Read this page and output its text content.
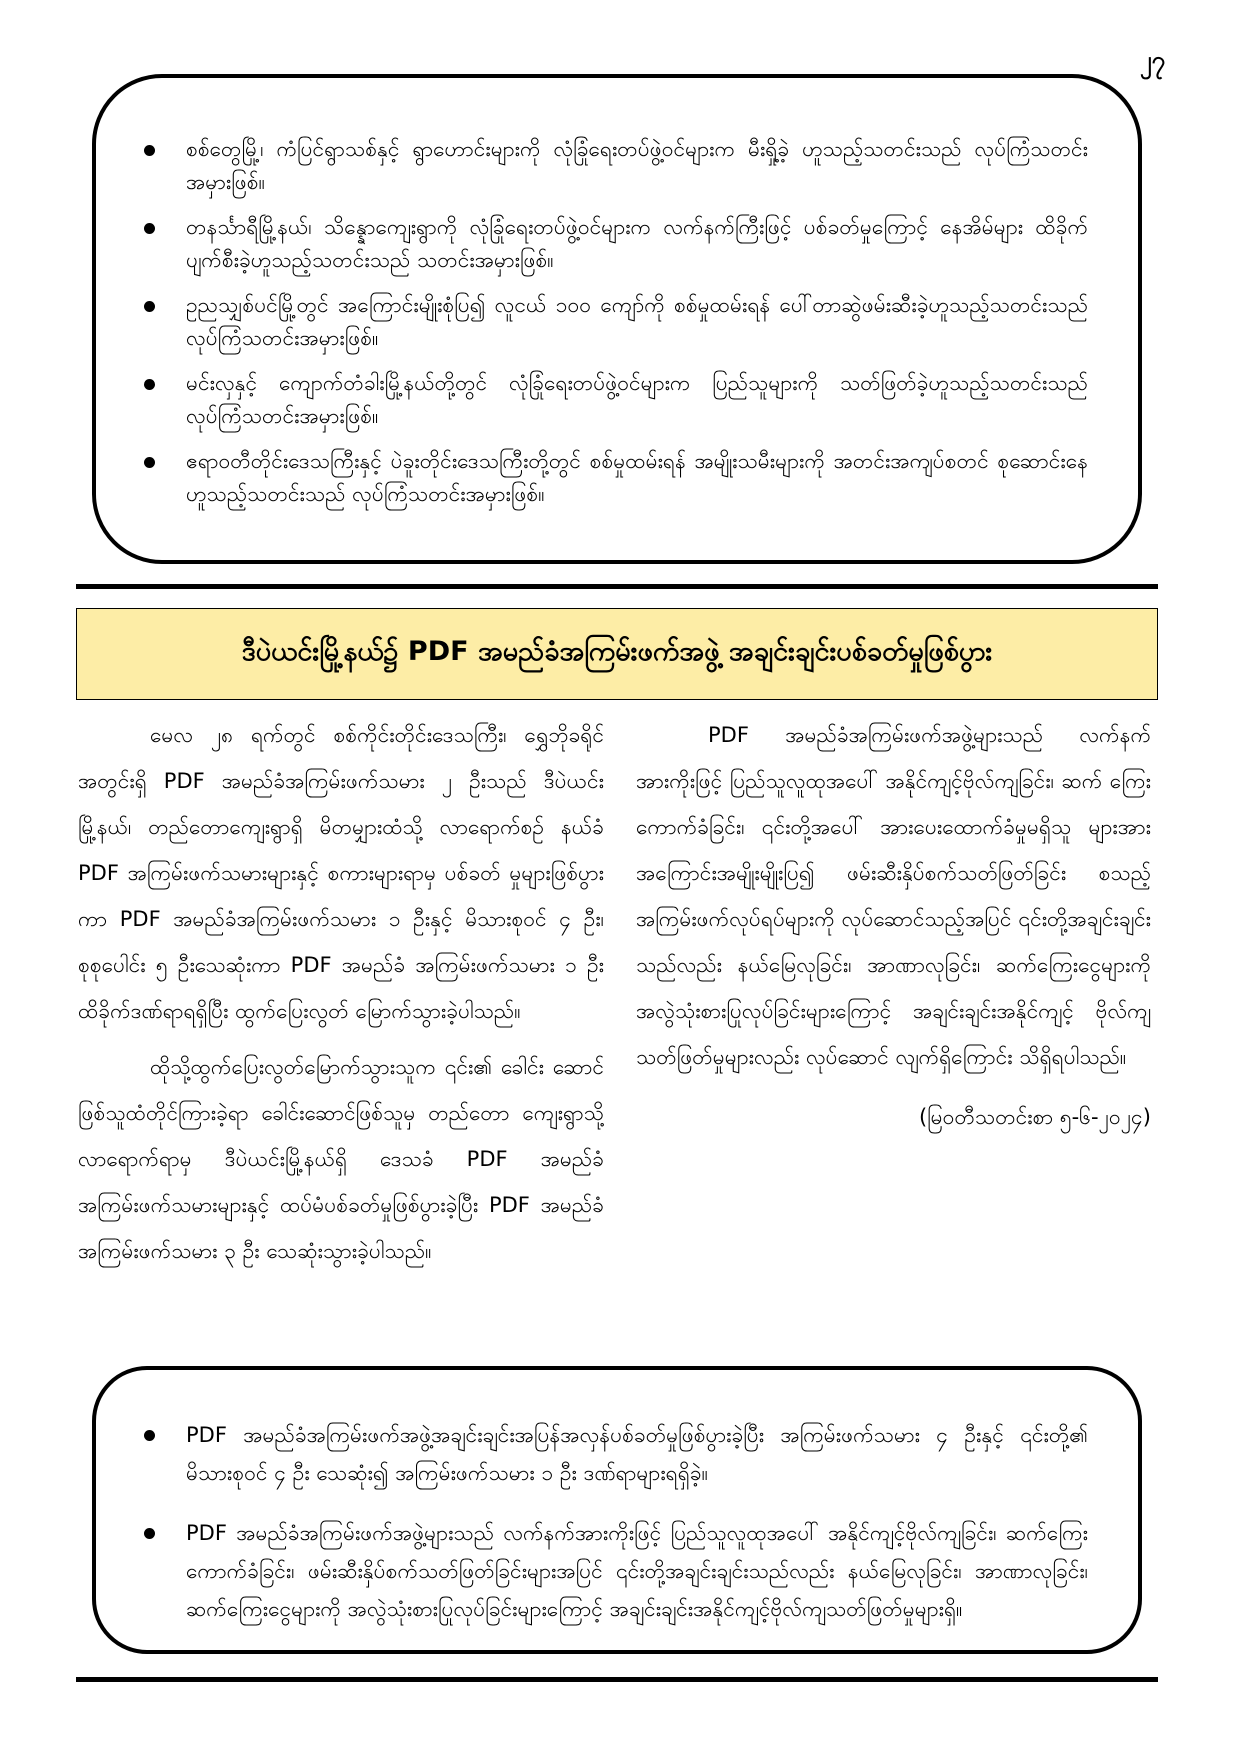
၂၇
စစ်တွေမြို့၊ ကံပြင်ရွာသစ်နှင့် ရွာဟောင်းများကို လုံခြုံရေးတပ်ဖွဲ့ဝင်များက မီးရှို့ခဲ့ ဟူသည့်သတင်းသည် လုပ်ကြံသတင်းအမှားဖြစ်။
တနင်္သာရီမြို့နယ်၊ သိန္နောကျေးရွာကို လုံခြုံရေးတပ်ဖွဲ့ဝင်များက လက်နက်ကြီးဖြင့် ပစ်ခတ်မှုကြောင့် နေအိမ်များ ထိခိုက်ပျက်စီးခဲ့ဟူသည့်သတင်းသည် သတင်းအမှားဖြစ်။
ဥညသျှစ်ပင်မြို့တွင် အကြောင်းမျိုးစုံပြ၍ လူငယ် ၁၀၀ ကျော်ကို စစ်မှုထမ်းရန် ပေါ်တာဆွဲဖမ်းဆီးခဲ့ဟူသည့်သတင်းသည် လုပ်ကြံသတင်းအမှားဖြစ်။
မင်းလှနှင့် ကျောက်တံခါးမြို့နယ်တို့တွင် လုံခြုံရေးတပ်ဖွဲ့ဝင်များက ပြည်သူများကို သတ်ဖြတ်ခဲ့ဟူသည့်သတင်းသည် လုပ်ကြံသတင်းအမှားဖြစ်။
ဧရာဝတီတိုင်းဒေသကြီးနှင့် ပဲခူးတိုင်းဒေသကြီးတို့တွင် စစ်မှုထမ်းရန် အမျိုးသမီးများကို အတင်းအကျပ်စတင် စုဆောင်းနေဟူသည့်သတင်းသည် လုပ်ကြံသတင်းအမှားဖြစ်။
ဒီပဲယင်းမြို့နယ်၌ PDF အမည်ခံအကြမ်းဖက်အဖွဲ့ အချင်းချင်းပစ်ခတ်မှုဖြစ်ပွား

မေလ ၂၈ ရက်တွင် စစ်ကိုင်းတိုင်းဒေသကြီး၊ ရွှေဘိုခရိုင် အတွင်းရှိ PDF အမည်ခံအကြမ်းဖက်သမား ၂ ဦးသည် ဒီပဲယင်း မြို့နယ်၊ တည်တောကျေးရွာရှိ မိတမျှားထံသို့ လာရောက်စဉ် နယ်ခံ PDF အကြမ်းဖက်သမားများနှင့် စကားများရာမှ ပစ်ခတ် မှုများဖြစ်ပွားကာ PDF အမည်ခံအကြမ်းဖက်သမား ၁ ဦးနှင့် မိသားစုဝင် ၄ ဦး၊ စုစုပေါင်း ၅ ဦးသေဆုံးကာ PDF အမည်ခံ အကြမ်းဖက်သမား ၁ ဦး ထိခိုက်ဒဏ်ရာရရှိပြီး ထွက်ပြေးလွတ် မြောက်သွားခဲ့ပါသည်။

ထိုသို့ထွက်ပြေးလွတ်မြောက်သွားသူက ၎င်း၏ ခေါင်း ဆောင်ဖြစ်သူထံတိုင်ကြားခဲ့ရာ ခေါင်းဆောင်ဖြစ်သူမှ တည်တော ကျေးရွာသို့ လာရောက်ရာမှ ဒီပဲယင်းမြို့နယ်ရှိ ဒေသခံ PDF အမည်ခံအကြမ်းဖက်သမားများနှင့် ထပ်မံပစ်ခတ်မှုဖြစ်ပွားခဲ့ပြီး PDF အမည်ခံအကြမ်းဖက်သမား ၃ ဦး သေဆုံးသွားခဲ့ပါသည်။

PDF အမည်ခံအကြမ်းဖက်အဖွဲ့များသည် လက်နက် အားကိုးဖြင့် ပြည်သူလူထုအပေါ် အနိုင်ကျင့်ဗိုလ်ကျခြင်း၊ ဆက် ကြေးကောက်ခံခြင်း၊ ၎င်းတို့အပေါ် အားပေးထောက်ခံမှုမရှိသူ များအား အကြောင်းအမျိုးမျိုးပြ၍ ဖမ်းဆီးနှိပ်စက်သတ်ဖြတ်ခြင်း စသည့်အကြမ်းဖက်လုပ်ရပ်များကို လုပ်ဆောင်သည့်အပြင် ၎င်းတို့အချင်းချင်းသည်လည်း နယ်မြေလုခြင်း၊ အာဏာလုခြင်း၊ ဆက်ကြေးငွေများကို အလွဲသုံးစားပြုလုပ်ခြင်းများကြောင့် အချင်းချင်းအနိုင်ကျင့် ဗိုလ်ကျသတ်ဖြတ်မှုများလည်း လုပ်ဆောင် လျက်ရှိကြောင်း သိရှိရပါသည်။

(မြဝတီသတင်းစာ ၅-၆-၂၀၂၄)

PDF အမည်ခံအကြမ်းဖက်အဖွဲ့အချင်းချင်းအပြန်အလှန်ပစ်ခတ်မှုဖြစ်ပွားခဲ့ပြီး အကြမ်းဖက်သမား ၄ ဦးနှင့် ၎င်းတို့၏ မိသားစုဝင် ၄ ဦး သေဆုံး၍ အကြမ်းဖက်သမား ၁ ဦး ဒဏ်ရာများရရှိခဲ့။
PDF အမည်ခံအကြမ်းဖက်အဖွဲ့များသည် လက်နက်အားကိုးဖြင့် ပြည်သူလူထုအပေါ် အနိုင်ကျင့်ဗိုလ်ကျခြင်း၊ ဆက်ကြေး ကောက်ခံခြင်း၊ ဖမ်းဆီးနှိပ်စက်သတ်ဖြတ်ခြင်းများအပြင် ၎င်းတို့အချင်းချင်းသည်လည်း နယ်မြေလုခြင်း၊ အာဏာလုခြင်း၊ ဆက်ကြေးငွေများကို အလွဲသုံးစားပြုလုပ်ခြင်းများကြောင့် အချင်းချင်းအနိုင်ကျင့်ဗိုလ်ကျသတ်ဖြတ်မှုများရှိ။
